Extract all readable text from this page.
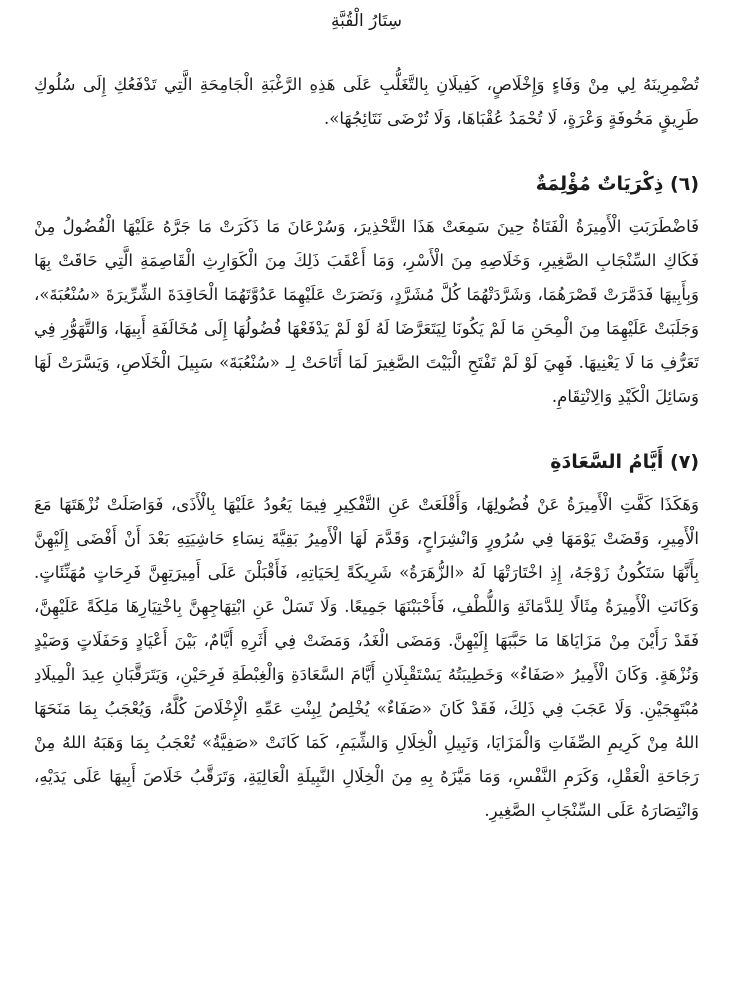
سِتَارُ الْقُبَّةِ

تُضْمِرِينَهُ لِي مِنْ وَفَاءٍ وَإِخْلَاصٍ، كَفِيلَانِ بِالتَّغَلُّبِ عَلَى هَذِهِ الرَّغْبَةِ الْجَامِحَةِ الَّتِي تَدْفَعُكِ إِلَى سُلُوكِ طَرِيقٍ مَخُوفَةٍ وَعْرَةٍ، لَا تُحْمَدُ عُقْبَاهَا، وَلَا تُرْضَى نَتَائِجُهَا».

(٦) ذِكْرَيَاتٌ مُؤْلِمَةٌ

فَاضْطَرَبَتِ الْأَمِيرَةُ الْفَتَاةُ حِينَ سَمِعَتْ هَذَا التَّحْذِيرَ، وَسُرْعَانَ مَا ذَكَرَتْ مَا جَرَّهُ عَلَيْهَا الْفُضُولُ مِنْ فَكَاكِ السِّنْجَابِ الصَّغِيرِ، وَخَلَاصِهِ مِنَ الْأَسْرِ، وَمَا أَعْقَبَ ذَلِكَ مِنَ الْكَوَارِثِ الْقَاصِمَةِ الَّتِي حَاقَتْ بِهَا وَبِأَبِيهَا فَدَمَّرَتْ قَصْرَهُمَا، وَشَرَّدَتْهُمَا كُلَّ مُشَرَّدٍ، وَنَصَرَتْ عَلَيْهِمَا عَدُوَّتَهُمَا الْحَاقِدَةَ الشِّرِّيرَةَ «سُنْعُبَةَ»، وَجَلَبَتْ عَلَيْهِمَا مِنَ الْمِحَنِ مَا لَمْ يَكُونَا لِيَتَعَرَّضَا لَهُ لَوْ لَمْ يَدْفَعْهَا فُضُولُهَا إِلَى مُخَالَفَةِ أَبِيهَا، وَالتَّهَوُّرِ فِي تَعَرُّفِ مَا لَا يَعْنِيهَا. فَهِيَ لَوْ لَمْ تَفْتَحِ الْبَيْتَ الصَّغِيرَ لَمَا أَتَاحَتْ لِـ «سُنْعُبَةَ» سَبِيلَ الْخَلَاصِ، وَيَسَّرَتْ لَهَا وَسَائِلَ الْكَيْدِ وَالِانْتِقَامِ.

(٧) أَيَّامُ السَّعَادَةِ

وَهَكَذَا كَفَّتِ الْأَمِيرَةُ عَنْ فُضُولِهَا، وَأَقْلَعَتْ عَنِ التَّفْكِيرِ فِيمَا يَعُودُ عَلَيْهَا بِالْأَذَى، فَوَاصَلَتْ نُزْهَتَهَا مَعَ الْأَمِيرِ، وَقَضَتْ يَوْمَهَا فِي سُرُورٍ وَانْشِرَاحٍ، وَقَدَّمَ لَهَا الْأَمِيرُ بَقِيَّةَ نِسَاءِ حَاشِيَتِهِ بَعْدَ أَنْ أَفْضَى إِلَيْهِنَّ بِأَنَّهَا سَتَكُونُ زَوْجَهُ، إِذِ اخْتَارَتْهَا لَهُ «الزُّهَرَةُ» شَرِيكَةً لِحَيَاتِهِ، فَأَقْبَلْنَ عَلَى أَمِيرَتِهِنَّ فَرِحَاتٍ مُهَنِّئَاتٍ. وَكَانَتِ الْأَمِيرَةُ مِثَالًا لِلدَّمَاثَةِ وَاللُّطْفِ، فَأَحْبَبْنَهَا جَمِيعًا. وَلَا تَسَلْ عَنِ ابْتِهَاجِهِنَّ بِاخْتِيَارِهَا مَلِكَةً عَلَيْهِنَّ، فَقَدْ رَأَيْنَ مِنْ مَزَايَاهَا مَا حَبَّبَهَا إِلَيْهِنَّ. وَمَضَى الْغَدُ، وَمَضَتْ فِي أَثَرِهِ أَيَّامٌ، بَيْنَ أَعْيَادٍ وَحَفَلَاتٍ وَصَيْدٍ وَنُزْهَةٍ. وَكَانَ الْأَمِيرُ «صَفَاءٌ» وَخَطِيبَتُهُ يَسْتَقْبِلَانِ أَيَّامَ السَّعَادَةِ وَالْغِبْطَةِ فَرِحَيْنِ، وَيَتَرَقَّبَانِ عِيدَ الْمِيلَادِ مُبْتَهِجَيْنِ. وَلَا عَجَبَ فِي ذَلِكَ، فَقَدْ كَانَ «صَفَاءٌ» يُخْلِصُ لِبِنْتِ عَمِّهِ الْإِخْلَاصَ كُلَّهُ، وَيُعْجَبُ بِمَا مَنَحَهَا اللهُ مِنْ كَرِيمِ الصِّفَاتِ وَالْمَزَايَا، وَنَبِيلِ الْخِلَالِ وَالشِّيَمِ، كَمَا كَانَتْ «صَفِيَّةُ» تُعْجَبُ بِمَا وَهَبَهُ اللهُ مِنْ رَجَاحَةِ الْعَقْلِ، وَكَرَمِ النَّفْسِ، وَمَا مَيَّزَهُ بِهِ مِنَ الْخِلَالِ النَّبِيلَةِ الْعَالِيَةِ، وَتَرَقَّبُ خَلَاصَ أَبِيهَا عَلَى يَدَيْهِ، وَانْتِصَارَهُ عَلَى السِّنْجَابِ الصَّغِيرِ.
